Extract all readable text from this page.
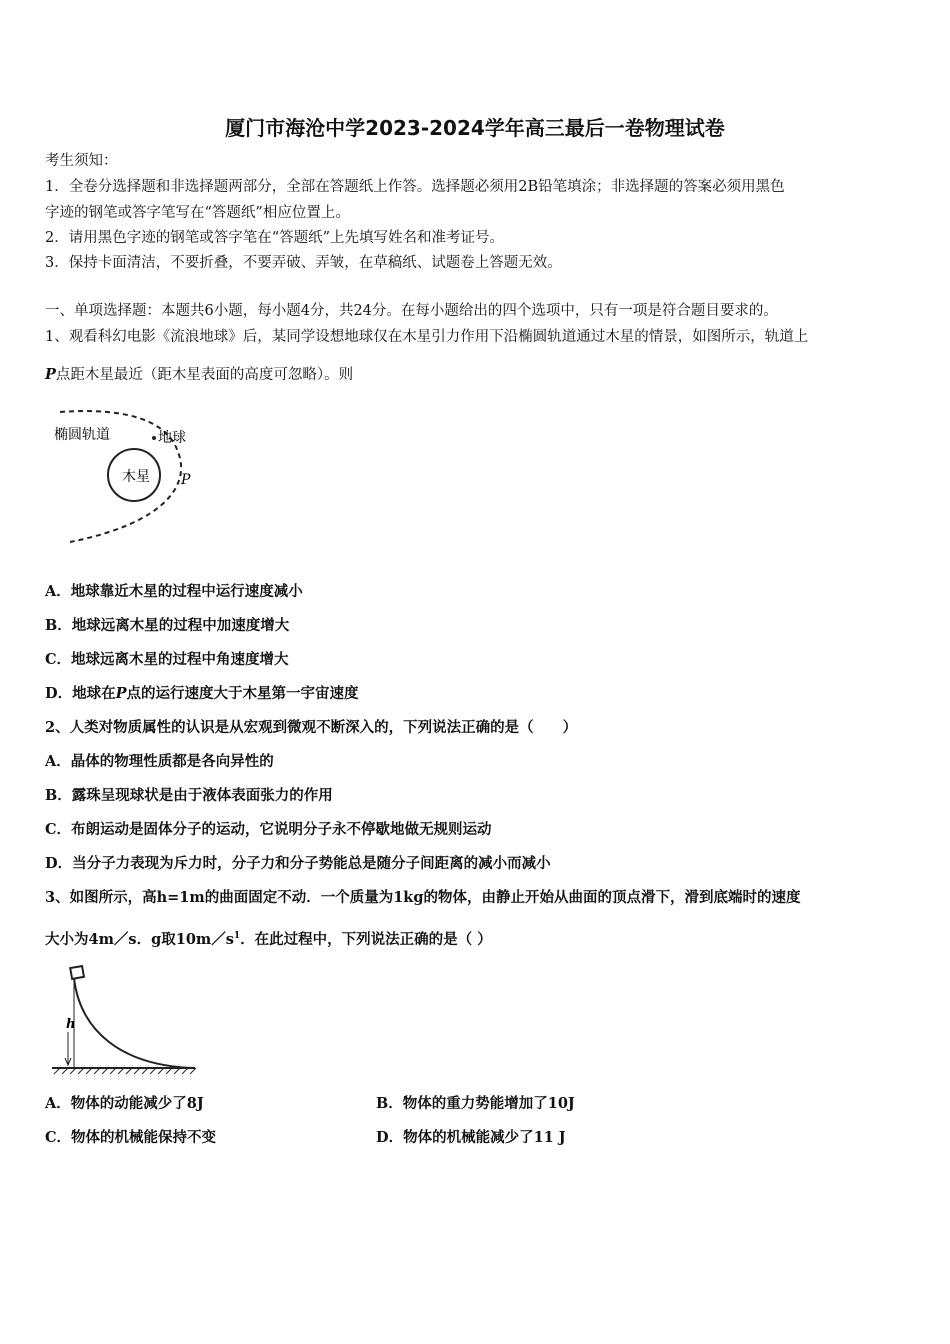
厦门市海沧中学2023-2024学年高三最后一卷物理试卷
考生须知：
1．全卷分选择题和非选择题两部分，全部在答题纸上作答。选择题必须用2B铅笔填涂；非选择题的答案必须用黑色
字迹的钢笔或答字笔写在“答题纸”相应位置上。
2．请用黑色字迹的钢笔或答字笔在“答题纸”上先填写姓名和准考证号。
3．保持卡面清洁，不要折叠，不要弄破、弄皱，在草稿纸、试题卷上答题无效。
一、单项选择题：本题共6小题，每小题4分，共24分。在每小题给出的四个选项中，只有一项是符合题目要求的。
1、观看科幻电影《流浪地球》后，某同学设想地球仅在木星引力作用下沿椭圆轨道通过木星的情景，如图所示，轨道上
P点距木星最近（距木星表面的高度可忽略）。则
木星
椭圆轨道	地球
P
A．地球靠近木星的过程中运行速度减小
B．地球远离木星的过程中加速度增大
C．地球远离木星的过程中角速度增大
D．地球在P点的运行速度大于木星第一宇宙速度
2、人类对物质属性的认识是从宏观到微观不断深入的，下列说法正确的是（　　）
A．晶体的物理性质都是各向异性的
B．露珠呈现球状是由于液体表面张力的作用
C．布朗运动是固体分子的运动，它说明分子永不停歇地做无规则运动
D．当分子力表现为斥力时，分子力和分子势能总是随分子间距离的减小而减小
3、如图所示，高h=1m的曲面固定不动．一个质量为1kg的物体，由静止开始从曲面的顶点滑下，滑到底端时的速度
大小为4m／s．g取$10m/s^1$．在此过程中，下列说法正确的是（ ）
h
A．物体的动能减少了8J	B．物体的重力势能增加了10J
C．物体的机械能保持不变	D．物体的机械能减少了11 J
